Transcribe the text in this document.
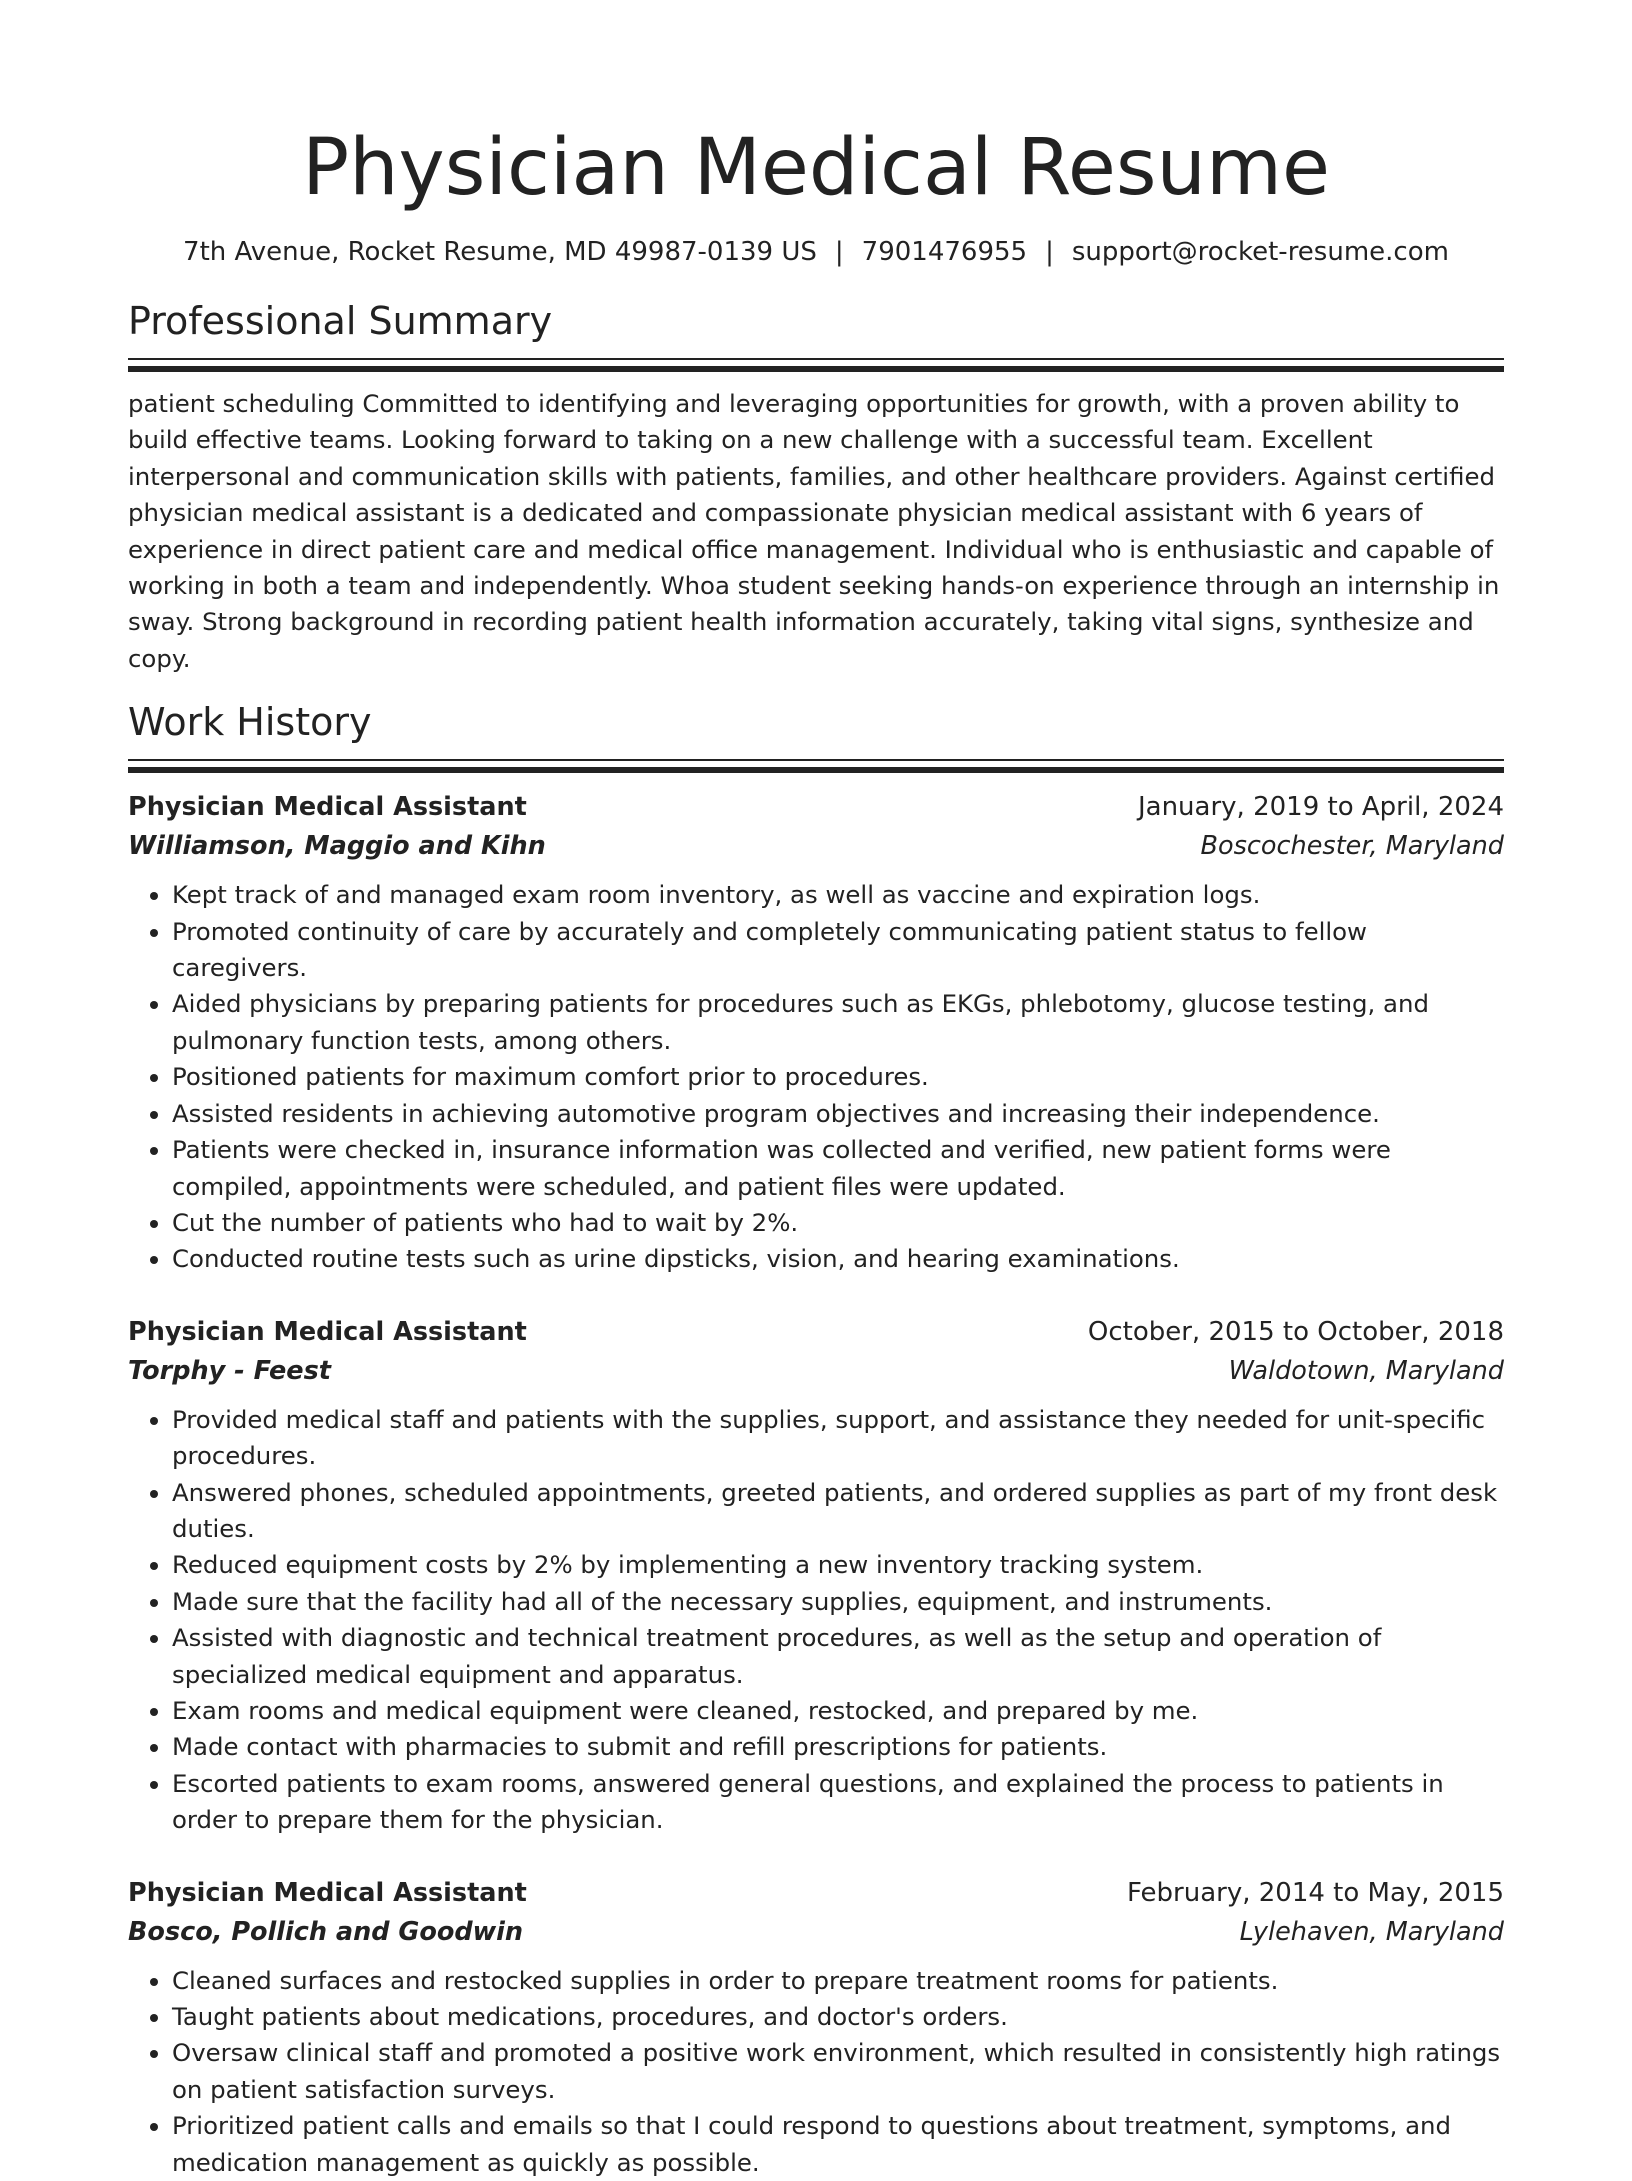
Physician Medical Resume
7th Avenue, Rocket Resume, MD 49987-0139 US | 7901476955 | support@rocket-resume.com
Professional Summary

patient scheduling Committed to identifying and leveraging opportunities for growth, with a proven ability to build effective teams. Looking forward to taking on a new challenge with a successful team. Excellent interpersonal and communication skills with patients, families, and other healthcare providers. Against certified physician medical assistant is a dedicated and compassionate physician medical assistant with 6 years of experience in direct patient care and medical office management. Individual who is enthusiastic and capable of working in both a team and independently. Whoa student seeking hands-on experience through an internship in sway. Strong background in recording patient health information accurately, taking vital signs, synthesize and copy.

Work History
Physician Medical Assistant	January, 2019 to April, 2024
Williamson, Maggio and Kihn	Boscochester, Maryland
• Kept track of and managed exam room inventory, as well as vaccine and expiration logs.
• Promoted continuity of care by accurately and completely communicating patient status to fellow caregivers.
• Aided physicians by preparing patients for procedures such as EKGs, phlebotomy, glucose testing, and pulmonary function tests, among others.
• Positioned patients for maximum comfort prior to procedures.
• Assisted residents in achieving automotive program objectives and increasing their independence.
• Patients were checked in, insurance information was collected and verified, new patient forms were compiled, appointments were scheduled, and patient files were updated.
• Cut the number of patients who had to wait by 2%.
• Conducted routine tests such as urine dipsticks, vision, and hearing examinations.
Physician Medical Assistant	October, 2015 to October, 2018
Torphy - Feest	Waldotown, Maryland
• Provided medical staff and patients with the supplies, support, and assistance they needed for unit-specific procedures.
• Answered phones, scheduled appointments, greeted patients, and ordered supplies as part of my front desk duties.
• Reduced equipment costs by 2% by implementing a new inventory tracking system.
• Made sure that the facility had all of the necessary supplies, equipment, and instruments.
• Assisted with diagnostic and technical treatment procedures, as well as the setup and operation of specialized medical equipment and apparatus.
• Exam rooms and medical equipment were cleaned, restocked, and prepared by me.
• Made contact with pharmacies to submit and refill prescriptions for patients.
• Escorted patients to exam rooms, answered general questions, and explained the process to patients in order to prepare them for the physician.
Physician Medical Assistant	February, 2014 to May, 2015
Bosco, Pollich and Goodwin	Lylehaven, Maryland
• Cleaned surfaces and restocked supplies in order to prepare treatment rooms for patients.
• Taught patients about medications, procedures, and doctor's orders.
• Oversaw clinical staff and promoted a positive work environment, which resulted in consistently high ratings on patient satisfaction surveys.
• Prioritized patient calls and emails so that I could respond to questions about treatment, symptoms, and medication management as quickly as possible.
